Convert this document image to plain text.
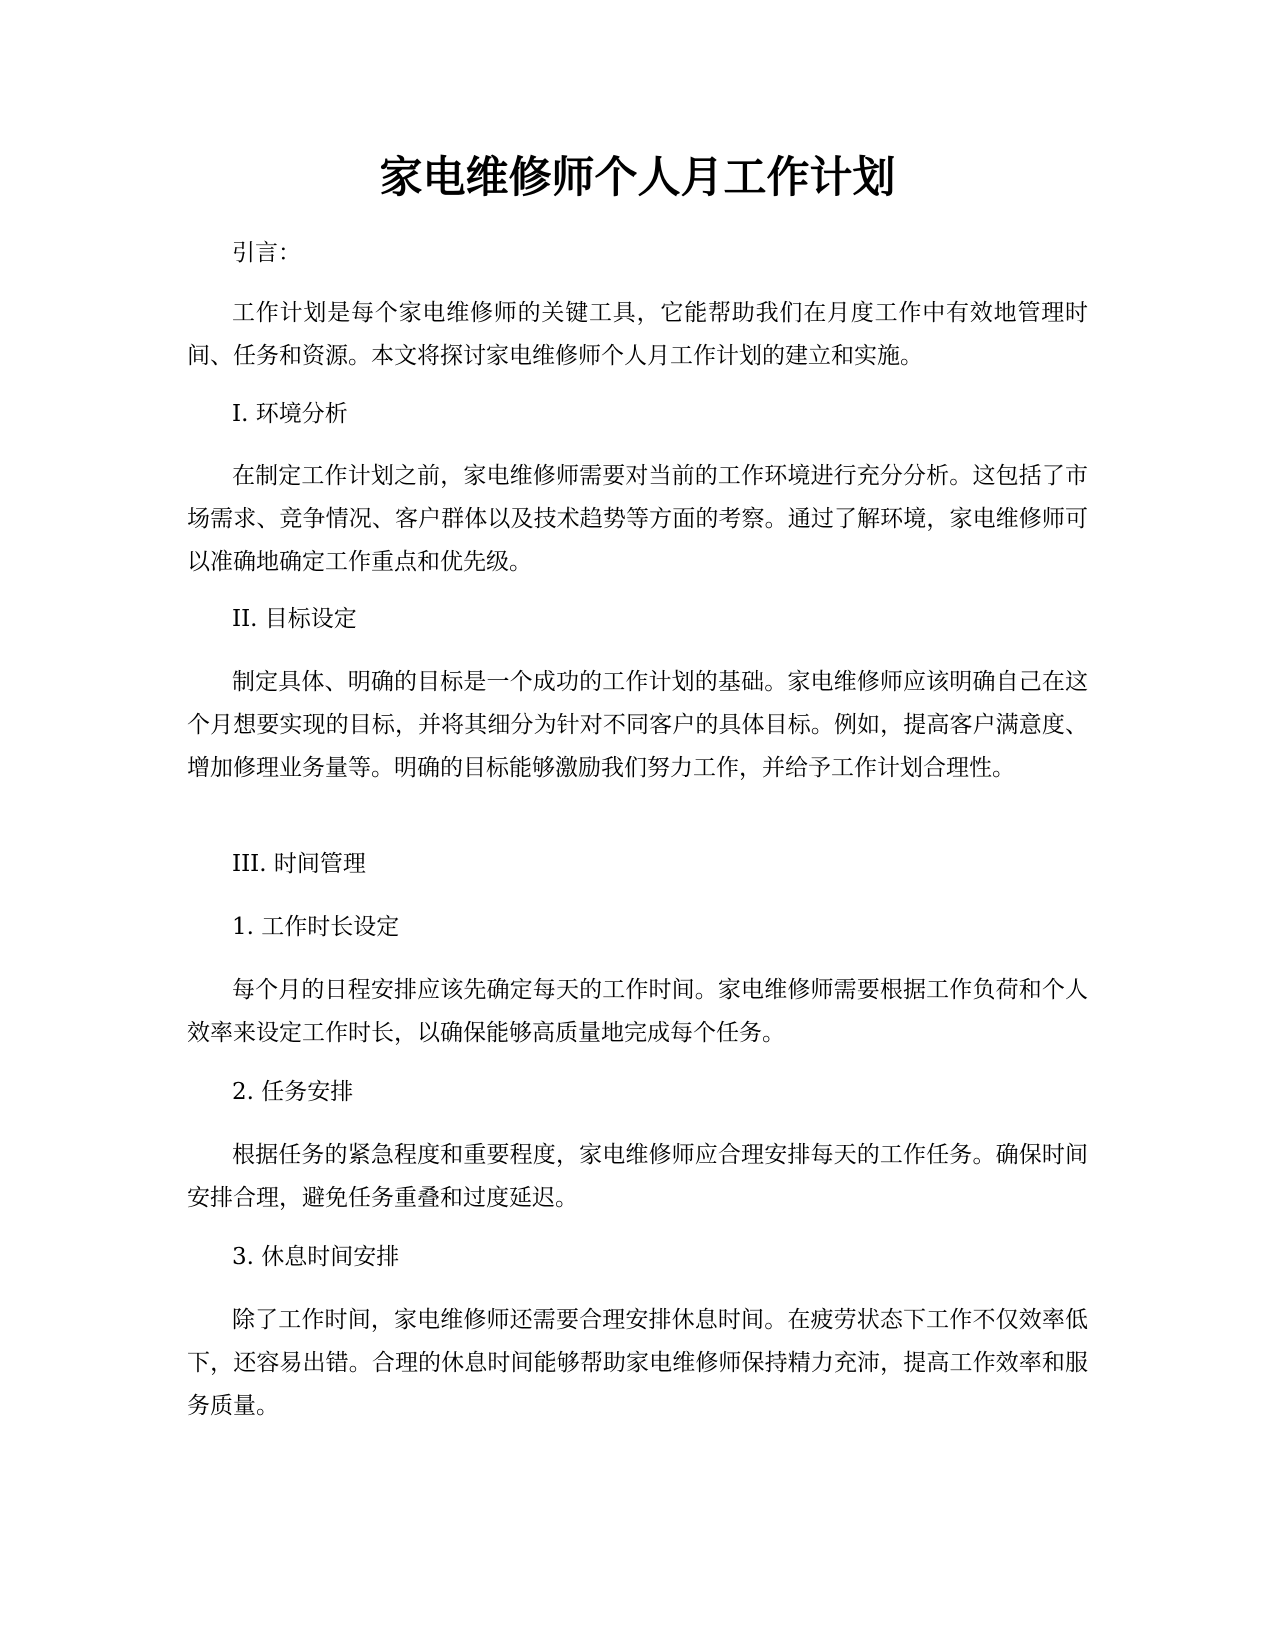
家电维修师个人月工作计划

引言：

工作计划是每个家电维修师的关键工具，它能帮助我们在月度工作中有效地管理时间、任务和资源。本文将探讨家电维修师个人月工作计划的建立和实施。

I. 环境分析

在制定工作计划之前，家电维修师需要对当前的工作环境进行充分分析。这包括了市场需求、竞争情况、客户群体以及技术趋势等方面的考察。通过了解环境，家电维修师可以准确地确定工作重点和优先级。

II. 目标设定

制定具体、明确的目标是一个成功的工作计划的基础。家电维修师应该明确自己在这个月想要实现的目标，并将其细分为针对不同客户的具体目标。例如，提高客户满意度、增加修理业务量等。明确的目标能够激励我们努力工作，并给予工作计划合理性。

III. 时间管理

1. 工作时长设定

每个月的日程安排应该先确定每天的工作时间。家电维修师需要根据工作负荷和个人效率来设定工作时长，以确保能够高质量地完成每个任务。

2. 任务安排

根据任务的紧急程度和重要程度，家电维修师应合理安排每天的工作任务。确保时间安排合理，避免任务重叠和过度延迟。

3. 休息时间安排

除了工作时间，家电维修师还需要合理安排休息时间。在疲劳状态下工作不仅效率低下，还容易出错。合理的休息时间能够帮助家电维修师保持精力充沛，提高工作效率和服务质量。
